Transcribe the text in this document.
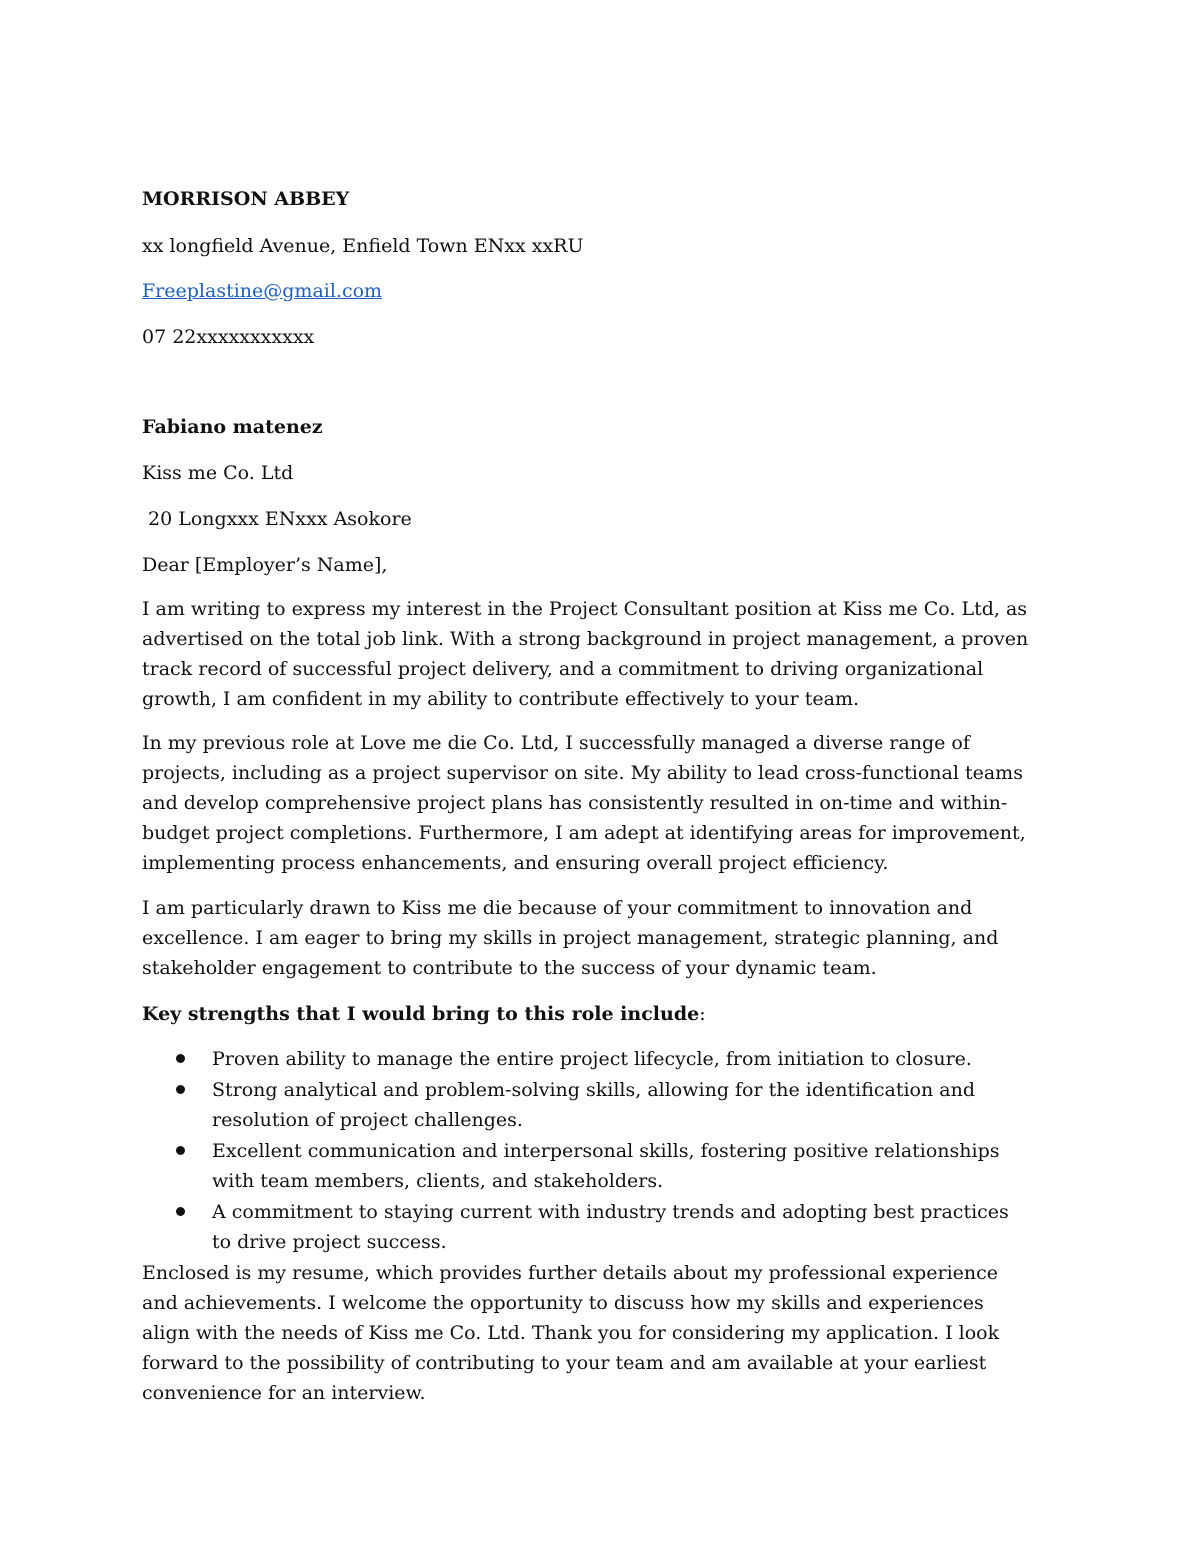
MORRISON ABBEY

xx longfield Avenue, Enfield Town ENxx xxRU

Freeplastine@gmail.com

07 22xxxxxxxxxxx

Fabiano matenez

Kiss me Co. Ltd

20 Longxxx ENxxx Asokore

Dear [Employer’s Name],

I am writing to express my interest in the Project Consultant position at Kiss me Co. Ltd, as
advertised on the total job link. With a strong background in project management, a proven
track record of successful project delivery, and a commitment to driving organizational
growth, I am confident in my ability to contribute effectively to your team.
In my previous role at Love me die Co. Ltd, I successfully managed a diverse range of
projects, including as a project supervisor on site. My ability to lead cross-functional teams
and develop comprehensive project plans has consistently resulted in on-time and within-
budget project completions. Furthermore, I am adept at identifying areas for improvement,
implementing process enhancements, and ensuring overall project efficiency.
I am particularly drawn to Kiss me die because of your commitment to innovation and
excellence. I am eager to bring my skills in project management, strategic planning, and
stakeholder engagement to contribute to the success of your dynamic team.

Key strengths that I would bring to this role include:

Proven ability to manage the entire project lifecycle, from initiation to closure.
Strong analytical and problem-solving skills, allowing for the identification and
resolution of project challenges.
Excellent communication and interpersonal skills, fostering positive relationships
with team members, clients, and stakeholders.
A commitment to staying current with industry trends and adopting best practices
to drive project success.
Enclosed is my resume, which provides further details about my professional experience
and achievements. I welcome the opportunity to discuss how my skills and experiences
align with the needs of Kiss me Co. Ltd. Thank you for considering my application. I look
forward to the possibility of contributing to your team and am available at your earliest
convenience for an interview.
